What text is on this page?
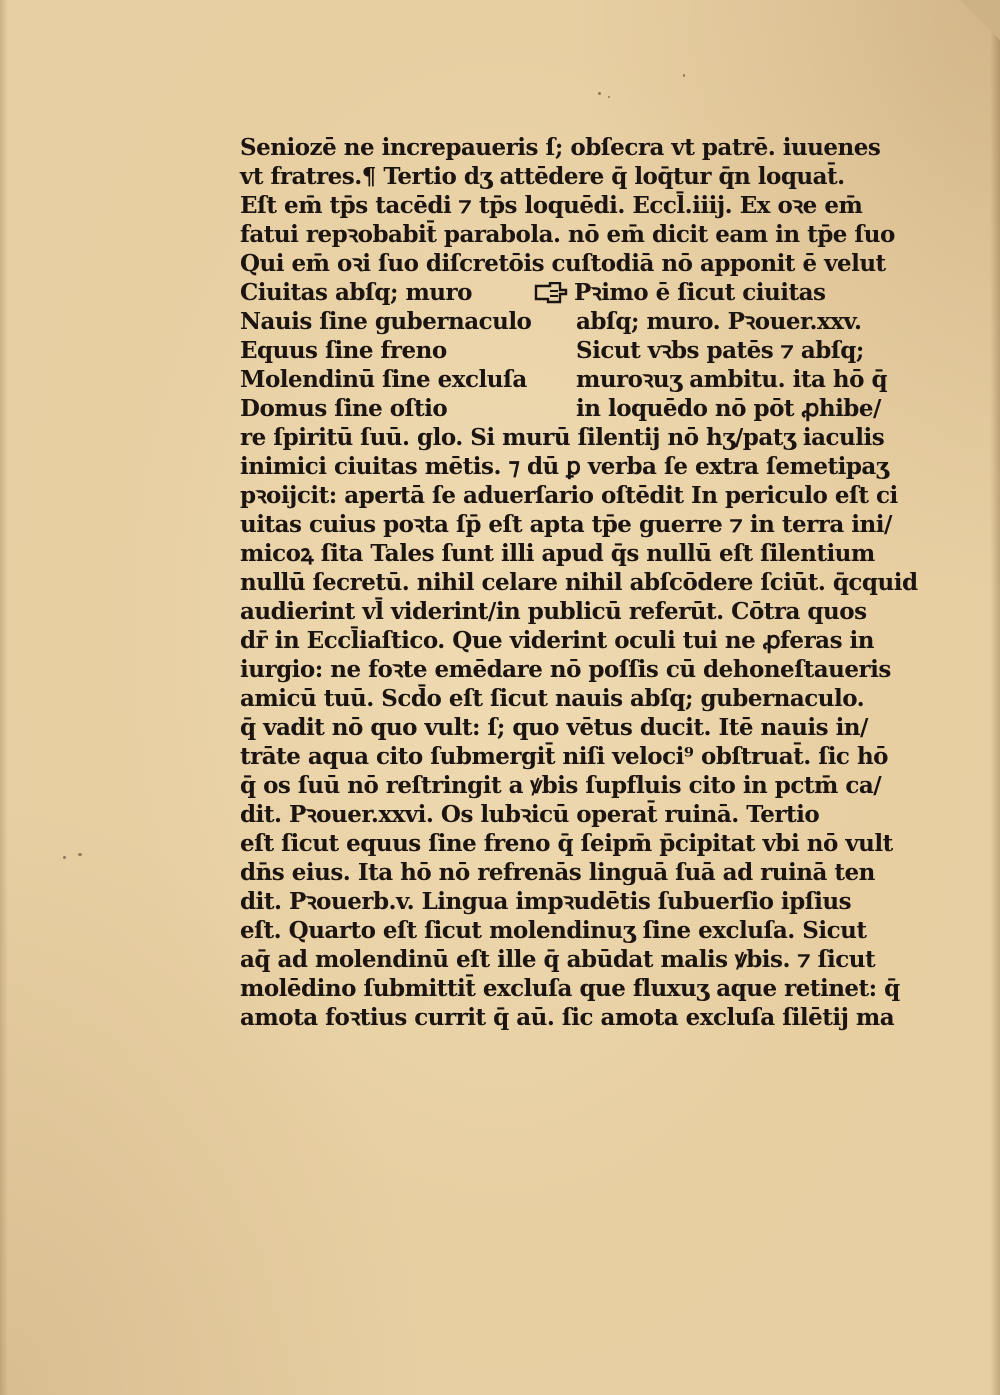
Seniozē ne increpaueris ſ; obſecra vt patrē. iuuenes
vt fratres.¶ Tertio dʒ attēdere q̄ loq̄tur q̄n loquat̄.
Eſt em̄ tp̄s tacēdi ⁊ tp̄s loquēdi. Eccl̄.iiij. Ex oꝛe em̄
fatui repꝛobabit̄ parabola. nō em̄ dicit eam in tp̄e ſuo
Qui em̄ oꝛi ſuo diſcretōis cuſtodiā nō apponit ē velut
Ciuitas abſq; muro
Nauis ſine gubernaculo
Equus ſine freno
Molendinū ſine excluſa
Domus ſine oſtio
Pꝛimo ē ſicut ciuitas
abſq; muro. Pꝛouer.xxv.
Sicut vꝛbs patēs ⁊ abſq;
muroꝛuʒ ambitu. ita hō q̄
in loquēdo nō pōt ꝓhibe/
re ſpiritū ſuū. glo. Si murū ſilentij nō hʒ/patʒ iaculis
inimici ciuitas mētis. ⁊ dū ꝑ verba ſe extra ſemetipaʒ
pꝛoijcit: apertā ſe aduerſario oſtēdit In periculo eſt ci
uitas cuius poꝛta ſp̄ eſt apta tp̄e guerre ⁊ in terra ini/
micoꝝ ſita Tales ſunt illi apud q̄s nullū eſt ſilentium
nullū ſecretū. nihil celare nihil abſcōdere ſciūt. q̄cquid
audierint vl̄ viderint/in publicū referūt. Cōtra quos
dr̄ in Eccl̄iaſtico. Que viderint oculi tui ne ꝓferas in
iurgio: ne foꝛte emēdare nō poſſis cū dehoneſtaueris
amicū tuū. Scd̄o eſt ſicut nauis abſq; gubernaculo.
q̄ vadit nō quo vult: ſ; quo vētus ducit. Itē nauis in/
trāte aqua cito ſubmergit̄ niſi veloci⁹ obſtruat̄. ſic hō
q̄ os ſuū nō reſtringit a ꝟbis ſupfluis cito in pctm̄ ca/
dit. Pꝛouer.xxvi. Os lubꝛicū operat̄ ruinā. Tertio
eſt ſicut equus ſine freno q̄ ſeipm̄ p̄cipitat vbi nō vult
dn̄s eius. Ita hō nō refrenās linguā ſuā ad ruinā ten
dit. Pꝛouerb.v. Lingua impꝛudētis ſubuerſio ipſius
eſt. Quarto eſt ſicut molendinuʒ ſine excluſa. Sicut
aq̄ ad molendinū eſt ille q̄ abūdat malis ꝟbis. ⁊ ſicut
molēdino ſubmittit̄ excluſa que fluxuʒ aque retinet: q̄
amota foꝛtius currit q̄ aū. ſic amota excluſa ſilētij ma
